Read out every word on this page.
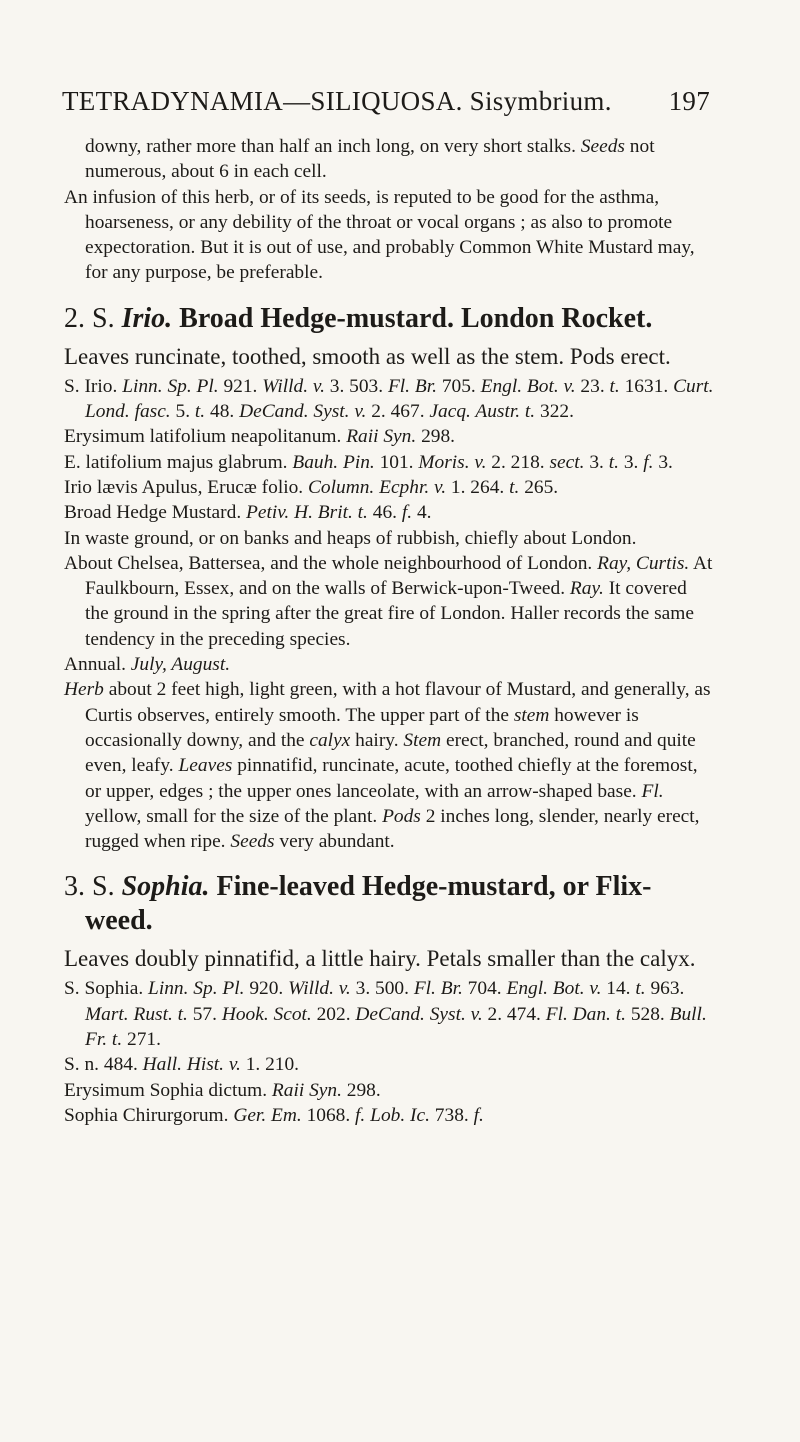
TETRADYNAMIA—SILIQUOSA. Sisymbrium. 197

downy, rather more than half an inch long, on very short stalks. Seeds not numerous, about 6 in each cell.

An infusion of this herb, or of its seeds, is reputed to be good for the asthma, hoarseness, or any debility of the throat or vocal organs ; as also to promote expectoration. But it is out of use, and probably Common White Mustard may, for any purpose, be preferable.

2. S. Irio. Broad Hedge-mustard. London Rocket.

Leaves runcinate, toothed, smooth as well as the stem. Pods erect.

S. Irio. Linn. Sp. Pl. 921. Willd. v. 3. 503. Fl. Br. 705. Engl. Bot. v. 23. t. 1631. Curt. Lond. fasc. 5. t. 48. DeCand. Syst. v. 2. 467. Jacq. Austr. t. 322.

Erysimum latifolium neapolitanum. Raii Syn. 298.

E. latifolium majus glabrum. Bauh. Pin. 101. Moris. v. 2. 218. sect. 3. t. 3. f. 3.

Irio lævis Apulus, Erucæ folio. Column. Ecphr. v. 1. 264. t. 265.

Broad Hedge Mustard. Petiv. H. Brit. t. 46. f. 4.

In waste ground, or on banks and heaps of rubbish, chiefly about London.

About Chelsea, Battersea, and the whole neighbourhood of London. Ray, Curtis. At Faulkbourn, Essex, and on the walls of Berwick-upon-Tweed. Ray. It covered the ground in the spring after the great fire of London. Haller records the same tendency in the preceding species.

Annual. July, August.

Herb about 2 feet high, light green, with a hot flavour of Mustard, and generally, as Curtis observes, entirely smooth. The upper part of the stem however is occasionally downy, and the calyx hairy. Stem erect, branched, round and quite even, leafy. Leaves pinnatifid, runcinate, acute, toothed chiefly at the foremost, or upper, edges ; the upper ones lanceolate, with an arrow-shaped base. Fl. yellow, small for the size of the plant. Pods 2 inches long, slender, nearly erect, rugged when ripe. Seeds very abundant.

3. S. Sophia. Fine-leaved Hedge-mustard, or Flix-weed.

Leaves doubly pinnatifid, a little hairy. Petals smaller than the calyx.

S. Sophia. Linn. Sp. Pl. 920. Willd. v. 3. 500. Fl. Br. 704. Engl. Bot. v. 14. t. 963. Mart. Rust. t. 57. Hook. Scot. 202. DeCand. Syst. v. 2. 474. Fl. Dan. t. 528. Bull. Fr. t. 271.

S. n. 484. Hall. Hist. v. 1. 210.

Erysimum Sophia dictum. Raii Syn. 298.

Sophia Chirurgorum. Ger. Em. 1068. f. Lob. Ic. 738. f.
